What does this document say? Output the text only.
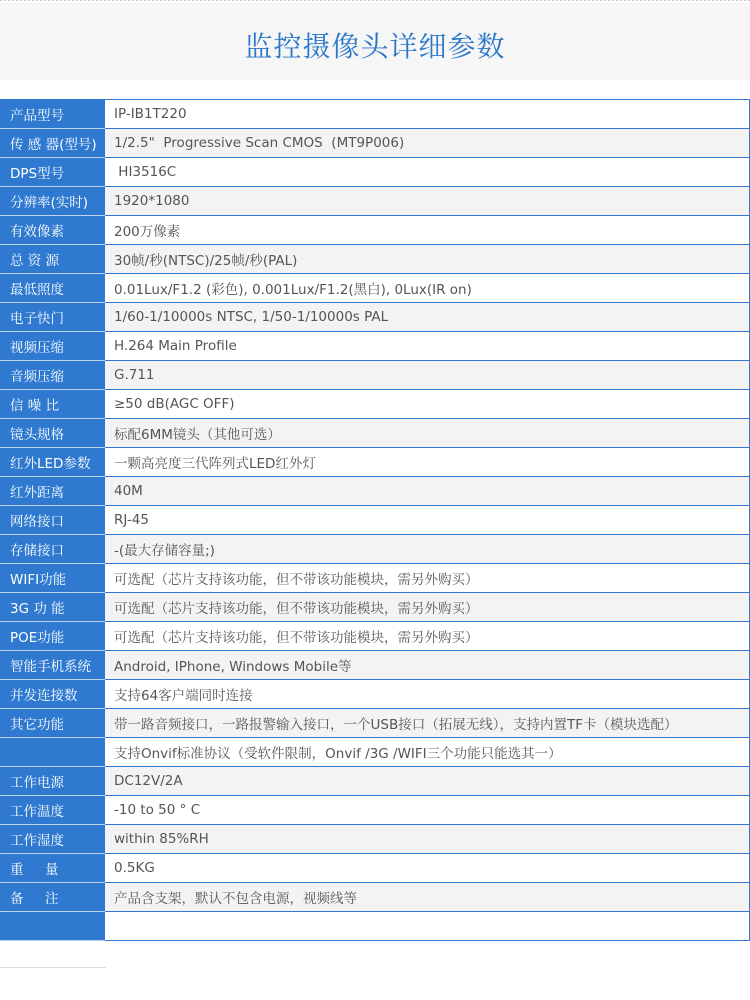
监控摄像头详细参数
产品型号	IP-IB1T220
传 感 器(型号)	1/2.5"  Progressive Scan CMOS  (MT9P006)
DPS型号	HI3516C
分辨率(实时)	1920*1080
有效像素	200万像素
总 资 源	30帧/秒(NTSC)/25帧/秒(PAL)
最低照度	0.01Lux/F1.2 (彩色), 0.001Lux/F1.2(黑白), 0Lux(IR on)
电子快门	1/60-1/10000s NTSC, 1/50-1/10000s PAL
视频压缩	H.264 Main Profile
音频压缩	G.711
信 噪 比	≥50 dB(AGC OFF)
镜头规格	标配6MM镜头（其他可选）
红外LED参数	一颗高亮度三代阵列式LED红外灯
红外距离	40M
网络接口	RJ-45
存储接口	-(最大存储容量;)
WIFI功能	可选配（芯片支持该功能，但不带该功能模块，需另外购买）
3G 功 能	可选配（芯片支持该功能，但不带该功能模块，需另外购买）
POE功能	可选配（芯片支持该功能，但不带该功能模块，需另外购买）
智能手机系统	Android, IPhone, Windows Mobile等
并发连接数	支持64客户端同时连接
其它功能	带一路音频接口，一路报警输入接口，一个USB接口（拓展无线），支持内置TF卡（模块选配）
	支持Onvif标准协议（受软件限制，Onvif /3G /WIFI三个功能只能选其一）
工作电源	DC12V/2A
工作温度	-10 to 50 ° C
工作湿度	within 85%RH
重     量	0.5KG
备     注	产品含支架，默认不包含电源，视频线等
